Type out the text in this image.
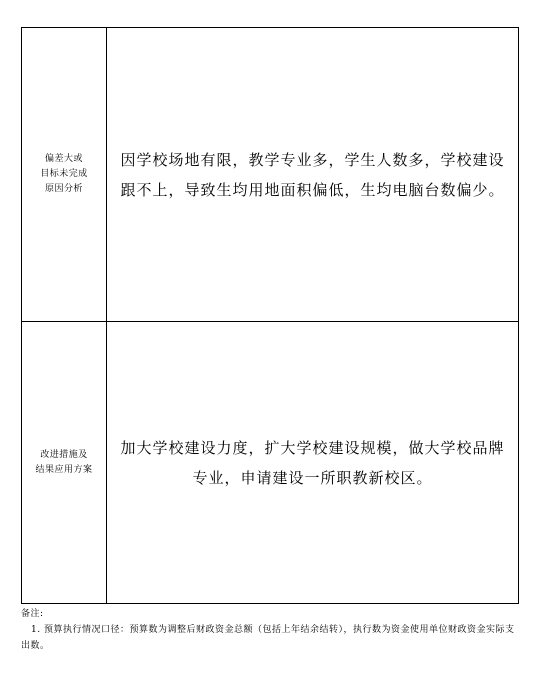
偏差大或
目标未完成
原因分析
因学校场地有限，教学专业多，学生人数多，学校建设
跟不上，导致生均用地面积偏低，生均电脑台数偏少。
改进措施及
结果应用方案
加大学校建设力度，扩大学校建设规模，做大学校品牌
专业，申请建设一所职教新校区。
备注:
1. 预算执行情况口径：预算数为调整后财政资金总额（包括上年结余结转），执行数为资金使用单位财政资金实际支出数。
